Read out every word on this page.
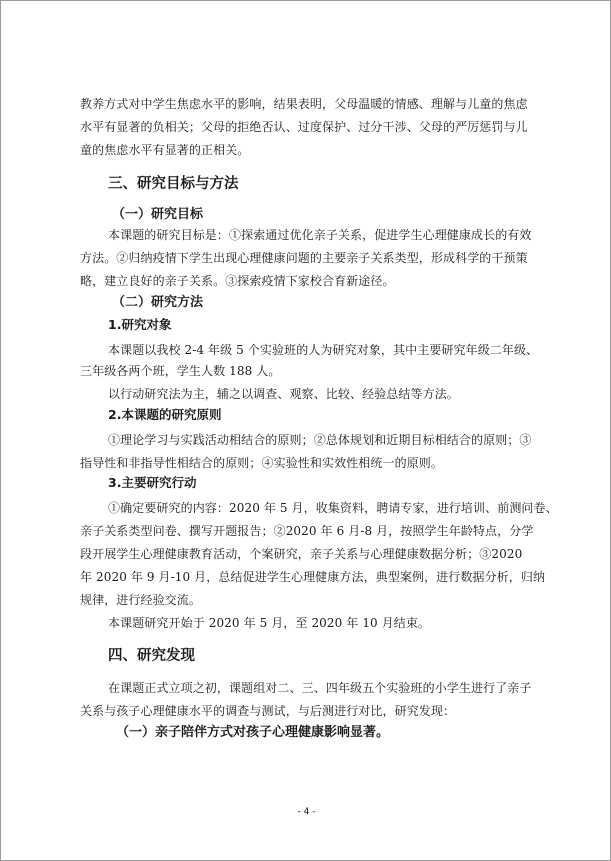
教养方式对中学生焦虑水平的影响，结果表明，父母温暖的情感、理解与儿童的焦虑

水平有显著的负相关；父母的拒绝否认、过度保护、过分干涉、父母的严厉惩罚与儿

童的焦虑水平有显著的正相关。

三、研究目标与方法
（一）研究目标

本课题的研究目标是：①探索通过优化亲子关系，促进学生心理健康成长的有效

方法。②归纳疫情下学生出现心理健康问题的主要亲子关系类型，形成科学的干预策

略，建立良好的亲子关系。③探索疫情下家校合育新途径。

（二）研究方法
1.研究对象

本课题以我校 2-4 年级 5 个实验班的人为研究对象，其中主要研究年级二年级、

三年级各两个班，学生人数 188 人。

以行动研究法为主，辅之以调查、观察、比较、经验总结等方法。

2.本课题的研究原则

①理论学习与实践活动相结合的原则；②总体规划和近期目标相结合的原则；③

指导性和非指导性相结合的原则；④实验性和实效性相统一的原则。

3.主要研究行动

①确定要研究的内容：2020 年 5 月，收集资料，聘请专家，进行培训、前测问卷、

亲子关系类型问卷、撰写开题报告；②2020 年 6 月-8 月，按照学生年龄特点，分学

段开展学生心理健康教育活动，个案研究，亲子关系与心理健康数据分析；③2020

年 2020 年 9 月-10 月，总结促进学生心理健康方法，典型案例，进行数据分析，归纳

规律，进行经验交流。

本课题研究开始于 2020 年 5 月，至 2020 年 10 月结束。

四、研究发现

在课题正式立项之初，课题组对二、三、四年级五个实验班的小学生进行了亲子

关系与孩子心理健康水平的调查与测试，与后测进行对比，研究发现：

（一）亲子陪伴方式对孩子心理健康影响显著。

- 4 -
